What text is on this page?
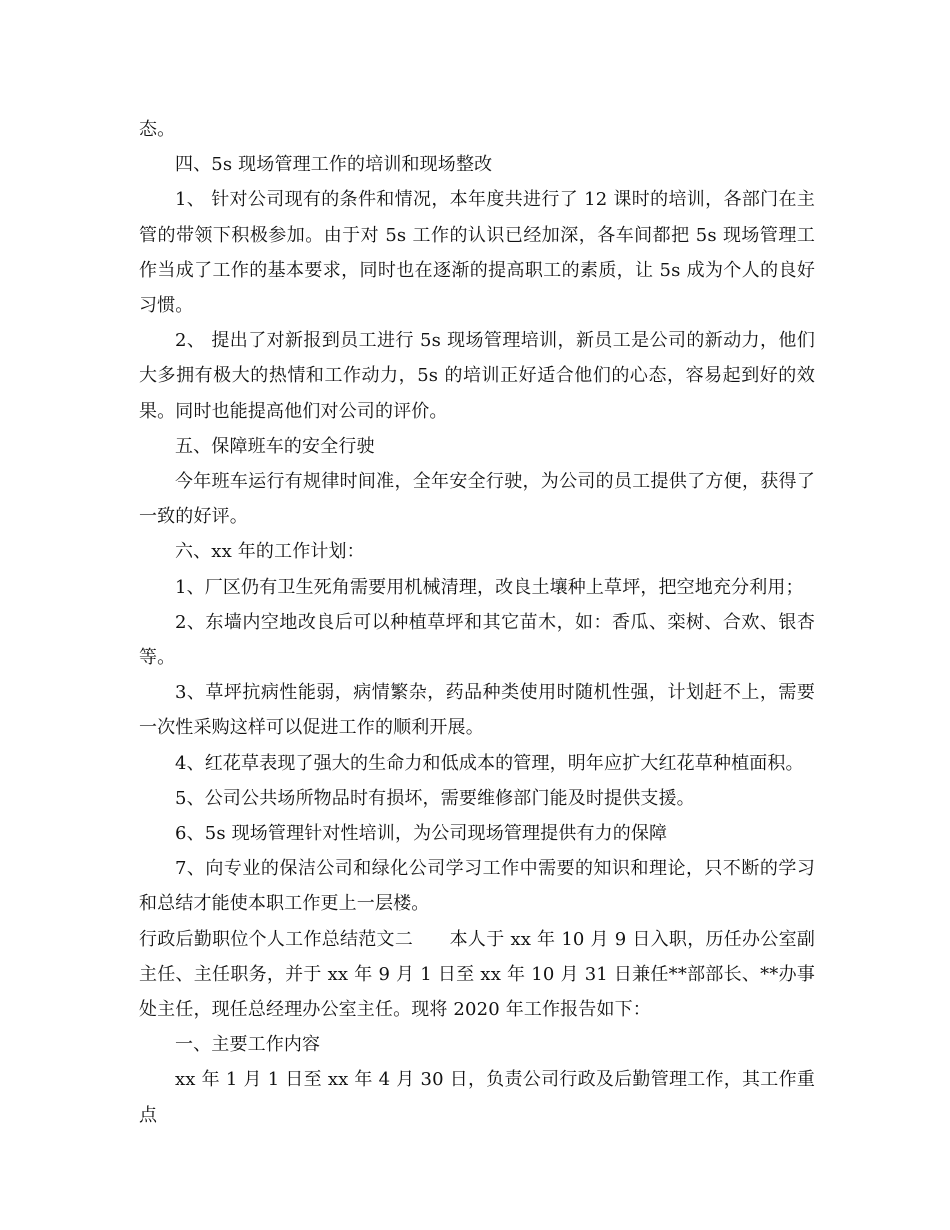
态。

四、5s 现场管理工作的培训和现场整改

1、 针对公司现有的条件和情况，本年度共进行了 12 课时的培训，各部门在主管的带领下积极参加。由于对 5s 工作的认识已经加深，各车间都把 5s 现场管理工作当成了工作的基本要求，同时也在逐渐的提高职工的素质，让 5s 成为个人的良好习惯。

2、 提出了对新报到员工进行 5s 现场管理培训，新员工是公司的新动力，他们大多拥有极大的热情和工作动力，5s 的培训正好适合他们的心态，容易起到好的效果。同时也能提高他们对公司的评价。

五、保障班车的安全行驶

今年班车运行有规律时间准，全年安全行驶，为公司的员工提供了方便，获得了一致的好评。

六、xx 年的工作计划：

1、厂区仍有卫生死角需要用机械清理，改良土壤种上草坪，把空地充分利用；

2、东墙内空地改良后可以种植草坪和其它苗木，如：香瓜、栾树、合欢、银杏等。

3、草坪抗病性能弱，病情繁杂，药品种类使用时随机性强，计划赶不上，需要一次性采购这样可以促进工作的顺利开展。

4、红花草表现了强大的生命力和低成本的管理，明年应扩大红花草种植面积。

5、公司公共场所物品时有损坏，需要维修部门能及时提供支援。

6、5s 现场管理针对性培训，为公司现场管理提供有力的保障

7、向专业的保洁公司和绿化公司学习工作中需要的知识和理论，只不断的学习和总结才能使本职工作更上一层楼。

行政后勤职位个人工作总结范文二　　本人于 xx 年 10 月 9 日入职，历任办公室副主任、主任职务，并于 xx 年 9 月 1 日至 xx 年 10 月 31 日兼任**部部长、**办事处主任，现任总经理办公室主任。现将 2020 年工作报告如下：

一、主要工作内容

xx 年 1 月 1 日至 xx 年 4 月 30 日，负责公司行政及后勤管理工作，其工作重点
